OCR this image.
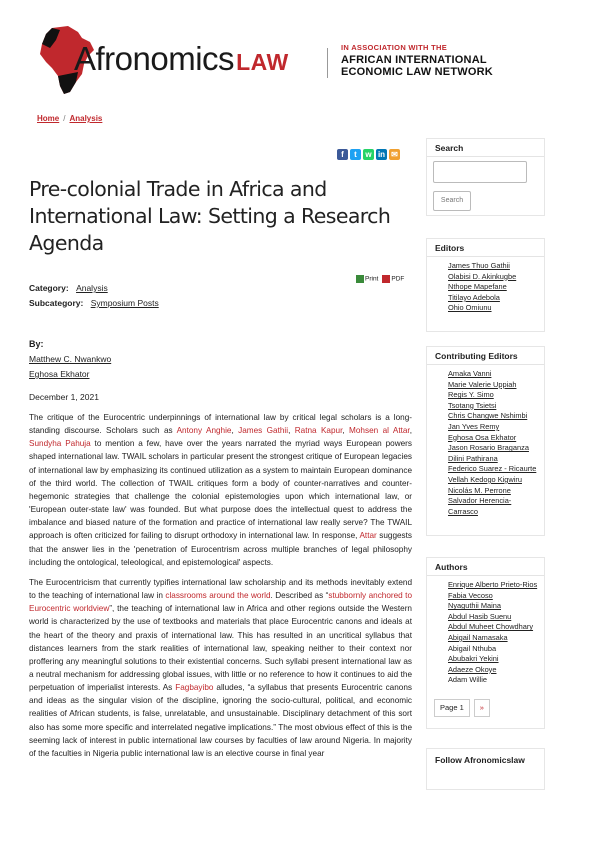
AfronomicsLAW
IN ASSOCIATION WITH THE
AFRICAN INTERNATIONAL
ECONOMIC LAW NETWORK
Home / Analysis
f	t	w in ✉
Pre-colonial Trade in Africa and International Law: Setting a Research Agenda
Print	PDF
Category: Analysis
Subcategory: Symposium Posts
By:
Matthew C. Nwankwo
Eghosa Ekhator
December 1, 2021

The critique of the Eurocentric underpinnings of international law by critical legal scholars is a long-standing discourse. Scholars such as Antony Anghie, James Gathii, Ratna Kapur, Mohsen al Attar, Sundyha Pahuja to mention a few, have over the years narrated the myriad ways European powers shaped international law. TWAIL scholars in particular present the strongest critique of European legacies of international law by emphasizing its continued utilization as a system to maintain European dominance of the third world. The collection of TWAIL critiques form a body of counter-narratives and counter-hegemonic strategies that challenge the colonial epistemologies upon which international law, or 'European outer-state law' was founded. But what purpose does the intellectual quest to address the imbalance and biased nature of the formation and practice of international law really serve? The TWAIL approach is often criticized for failing to disrupt orthodoxy in international law. In response, Attar suggests that the answer lies in the 'penetration of Eurocentrism across multiple branches of legal philosophy including the ontological, teleological, and epistemological' aspects.

The Eurocentricism that currently typifies international law scholarship and its methods inevitably extend to the teaching of international law in classrooms around the world. Described as “stubbornly anchored to Eurocentric worldview”, the teaching of international law in Africa and other regions outside the Western world is characterized by the use of textbooks and materials that place Eurocentric canons and ideals at the heart of the theory and praxis of international law. This has resulted in an uncritical syllabus that distances learners from the stark realities of international law, speaking neither to their context nor proffering any meaningful solutions to their existential concerns. Such syllabi present international law as a neutral mechanism for addressing global issues, with little or no reference to how it continues to aid the perpetuation of imperialist interests. As Fagbayibo alludes, “a syllabus that presents Eurocentric canons and ideas as the singular vision of the discipline, ignoring the socio-cultural, political, and economic realities of African students, is false, unrelatable, and unsustainable. Disciplinary detachment of this sort also has some more specific and interrelated negative implications.” The most obvious effect of this is the seeming lack of interest in public international law courses by faculties of law around Nigeria. In majority of the faculties in Nigeria public international law is an elective course in final year

Search
Search
Editors
James Thuo Gathii
Olabisi D. Akinkugbe
Nthope Mapefane
Titilayo Adebola
Ohio Omiunu
Contributing Editors
Amaka Vanni
Marie Valerie Uppiah
Regis Y. Simo
Tsotang Tsietsi
Chris Changwe Nshimbi
Jan Yves Remy
Eghosa Osa Ekhator
Jason Rosario Braganza
Dilini Pathirana
Federico Suarez - Ricaurte
Vellah Kedogo Kigwiru
Nicolás M. Perrone
Salvador Herencia-
Carrasco
Authors
Enrique Alberto Prieto-Rios
Fabia Vecoso
Nyaguthii Maina
Abdul Hasib Suenu
Abdul Muheet Chowdhary
Abigail Namasaka
Abigail Nthuba
Abubakri Yekini
Adaeze Okoye
Adam Willie
Page 1	»
Follow Afronomicslaw
